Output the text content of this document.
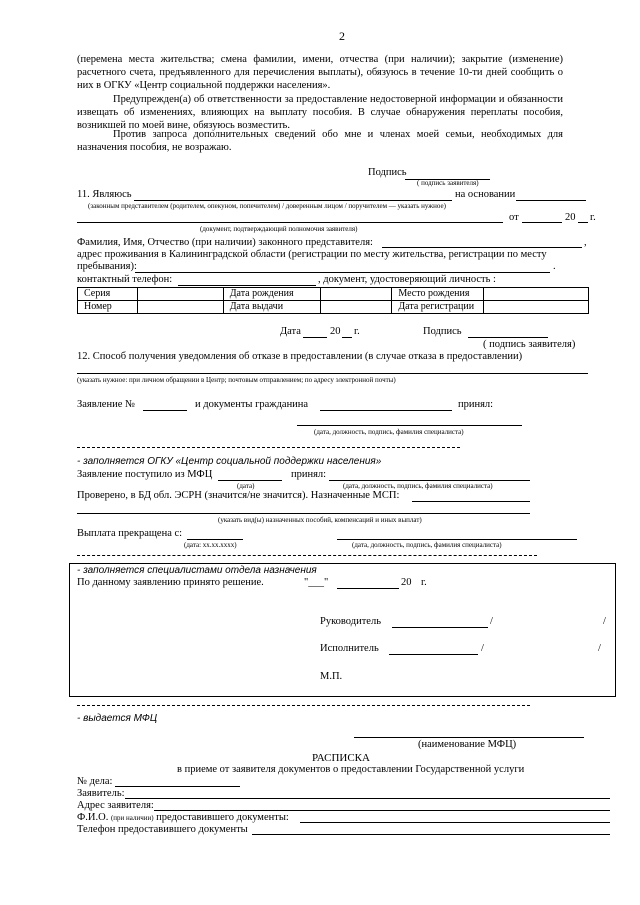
2
(перемена места жительства; смена фамилии, имени, отчества (при наличии); закрытие (изменение) расчетного счета, предъявленного для перечисления выплаты), обязуюсь в течение 10-ти дней сообщить о них в ОГКУ «Центр социальной поддержки населения».
Предупрежден(а) об ответственности за предоставление недостоверной информации и обязанности извещать об изменениях, влияющих на выплату пособия. В случае обнаружения переплаты пособия, возникшей по моей вине, обязуюсь возместить.
Против запроса дополнительных сведений обо мне и членах моей семьи, необходимых для назначения пособия, не возражаю.
Подпись
( подпись заявителя)
11. Являюсь	на основании
(законным представителем (родителем, опекуном, попечителем) / доверенным лицом / поручителем — указать нужное)
от	20 г.
(документ, подтверждающий полномочия заявителя)
Фамилия, Имя, Отчество (при наличии) законного представителя:	,
адрес проживания в Калининградской области (регистрации по месту жительства, регистрации по месту
пребывания):	.
контактный телефон:	, документ, удостоверяющий личность :
Серия		Дата рождения		Место рождения	
Номер		Дата выдачи		Дата регистрации	
Дата	20 г.	Подпись
( подпись заявителя)
12. Способ получения уведомления об отказе в предоставлении (в случае отказа в предоставлении)
(указать нужное: при личном обращении в Центр; почтовым отправлением; по адресу электронной почты)
Заявление №	и документы гражданина	принял:
(дата, должность, подпись, фамилия специалиста)
- заполняется ОГКУ «Центр социальной поддержки населения»
Заявление поступило из МФЦ	принял:
(дата)	(дата, должность, подпись, фамилия специалиста)
Проверено, в БД обл. ЭСРН (значится/не значится). Назначенные МСП:
(указать вид(ы) назначенных пособий, компенсаций и иных выплат)
Выплата прекращена с:
(дата: хх.хх.хххх)	(дата, должность, подпись, фамилия специалиста)
- заполняется специалистами отдела назначения
По данному заявлению принято решение.	"___"	20 г.
Руководитель	/	/
Исполнитель	/	/
М.П.
- выдается МФЦ
(наименование МФЦ)
РАСПИСКА
в приеме от заявителя документов о предоставлении Государственной услуги
№ дела:
Заявитель:
Адрес заявителя:
Ф.И.О. (при наличии) предоставившего документы:
Телефон предоставившего документы
